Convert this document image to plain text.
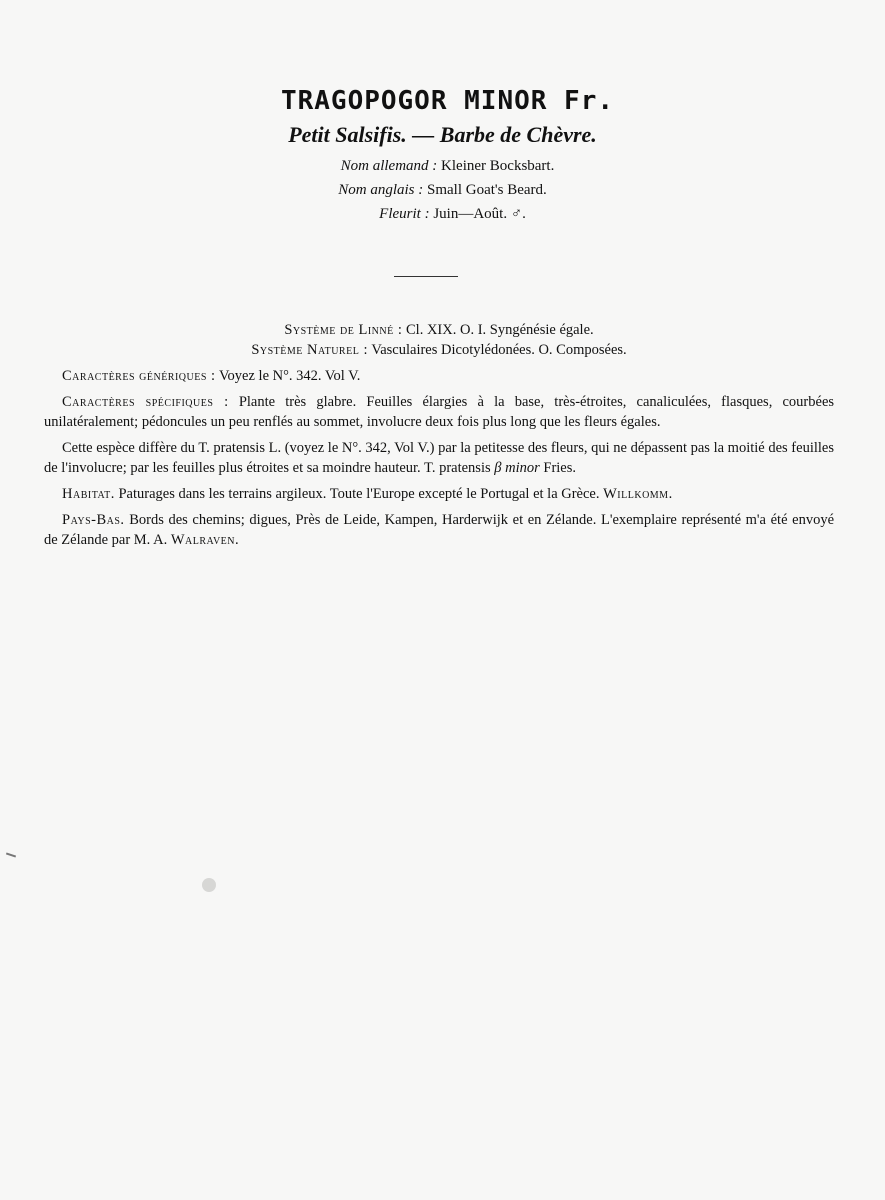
TRAGOPOGOR MINOR Fr.
Petit Salsifis. — Barbe de Chèvre.
Nom allemand : Kleiner Bocksbart.
Nom anglais : Small Goat's Beard.
Fleurit : Juin—Août. ♂.
Système de Linné : Cl. XIX. O. I. Syngénésie égale.
Système Naturel : Vasculaires Dicotylédonées. O. Composées.

Caractères génériques : Voyez le N°. 342. Vol V.

Caractères spécifiques : Plante très glabre. Feuilles élargies à la base, très-étroites, canaliculées, flasques, courbées unilatéralement; pédoncules un peu renflés au sommet, involucre deux fois plus long que les fleurs égales.

Cette espèce diffère du T. pratensis L. (voyez le N°. 342, Vol V.) par la petitesse des fleurs, qui ne dépassent pas la moitié des feuilles de l'involucre; par les feuilles plus étroites et sa moindre hauteur. T. pratensis β minor Fries.

Habitat. Paturages dans les terrains argileux. Toute l'Europe excepté le Portugal et la Grèce. Willkomm.

Pays-Bas. Bords des chemins; digues, Près de Leide, Kampen, Harderwijk et en Zélande. L'exemplaire représenté m'a été envoyé de Zélande par M. A. Walraven.
